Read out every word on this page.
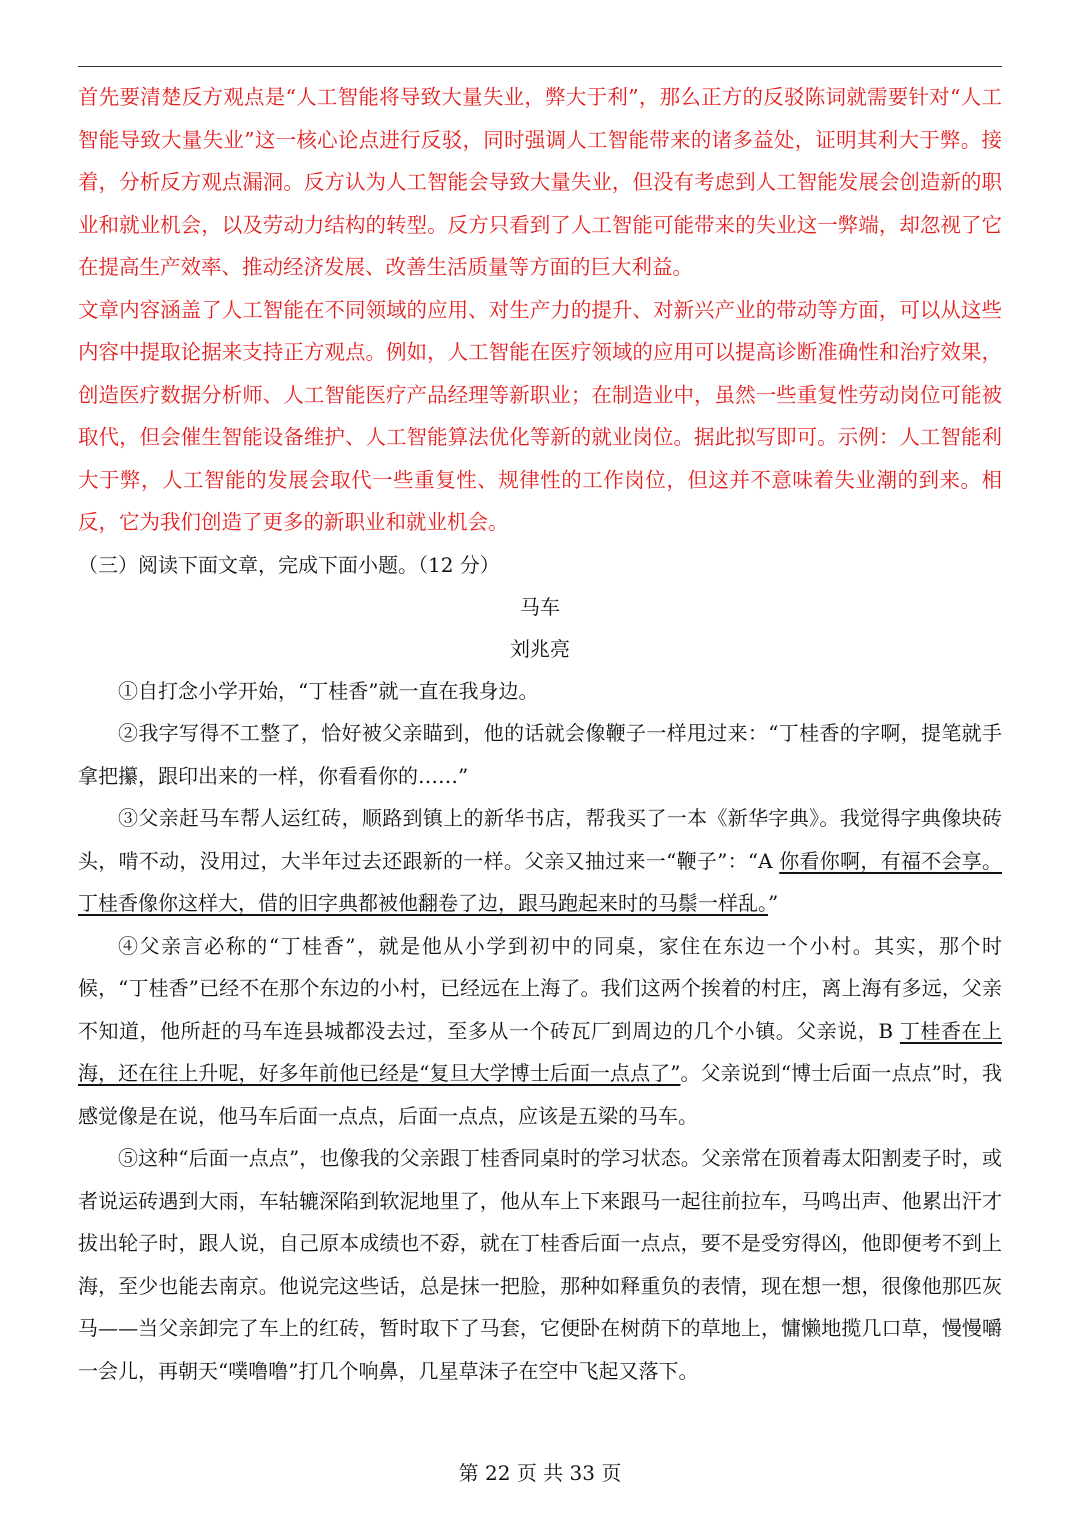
首先要清楚反方观点是“人工智能将导致大量失业，弊大于利”，那么正方的反驳陈词就需要针对“人工智能导致大量失业”这一核心论点进行反驳，同时强调人工智能带来的诸多益处，证明其利大于弊。接着，分析反方观点漏洞。反方认为人工智能会导致大量失业，但没有考虑到人工智能发展会创造新的职业和就业机会，以及劳动力结构的转型。反方只看到了人工智能可能带来的失业这一弊端，却忽视了它在提高生产效率、推动经济发展、改善生活质量等方面的巨大利益。

文章内容涵盖了人工智能在不同领域的应用、对生产力的提升、对新兴产业的带动等方面，可以从这些内容中提取论据来支持正方观点。例如，人工智能在医疗领域的应用可以提高诊断准确性和治疗效果，创造医疗数据分析师、人工智能医疗产品经理等新职业；在制造业中，虽然一些重复性劳动岗位可能被取代，但会催生智能设备维护、人工智能算法优化等新的就业岗位。据此拟写即可。示例：人工智能利大于弊，人工智能的发展会取代一些重复性、规律性的工作岗位，但这并不意味着失业潮的到来。相反，它为我们创造了更多的新职业和就业机会。

（三）阅读下面文章，完成下面小题。（12 分）

马车

刘兆亮

①自打念小学开始，“丁桂香”就一直在我身边。

②我字写得不工整了，恰好被父亲瞄到，他的话就会像鞭子一样甩过来：“丁桂香的字啊，提笔就手拿把攥，跟印出来的一样，你看看你的……”

③父亲赶马车帮人运红砖，顺路到镇上的新华书店，帮我买了一本《新华字典》。我觉得字典像块砖头，啃不动，没用过，大半年过去还跟新的一样。父亲又抽过来一“鞭子”：“A 你看你啊，有福不会享。丁桂香像你这样大，借的旧字典都被他翻卷了边，跟马跑起来时的马鬃一样乱。”

④父亲言必称的“丁桂香”，就是他从小学到初中的同桌，家住在东边一个小村。其实，那个时候，“丁桂香”已经不在那个东边的小村，已经远在上海了。我们这两个挨着的村庄，离上海有多远，父亲不知道，他所赶的马车连县城都没去过，至多从一个砖瓦厂到周边的几个小镇。父亲说，B 丁桂香在上海，还在往上升呢，好多年前他已经是“复旦大学博士后面一点点了”。父亲说到“博士后面一点点”时，我感觉像是在说，他马车后面一点点，后面一点点，应该是五梁的马车。

⑤这种“后面一点点”，也像我的父亲跟丁桂香同桌时的学习状态。父亲常在顶着毒太阳割麦子时，或者说运砖遇到大雨，车轱辘深陷到软泥地里了，他从车上下来跟马一起往前拉车，马鸣出声、他累出汗才拔出轮子时，跟人说，自己原本成绩也不孬，就在丁桂香后面一点点，要不是受穷得凶，他即便考不到上海，至少也能去南京。他说完这些话，总是抹一把脸，那种如释重负的表情，现在想一想，很像他那匹灰马——当父亲卸完了车上的红砖，暂时取下了马套，它便卧在树荫下的草地上，慵懒地揽几口草，慢慢嚼一会儿，再朝天“噗噜噜”打几个响鼻，几星草沫子在空中飞起又落下。

第 22 页 共 33 页
